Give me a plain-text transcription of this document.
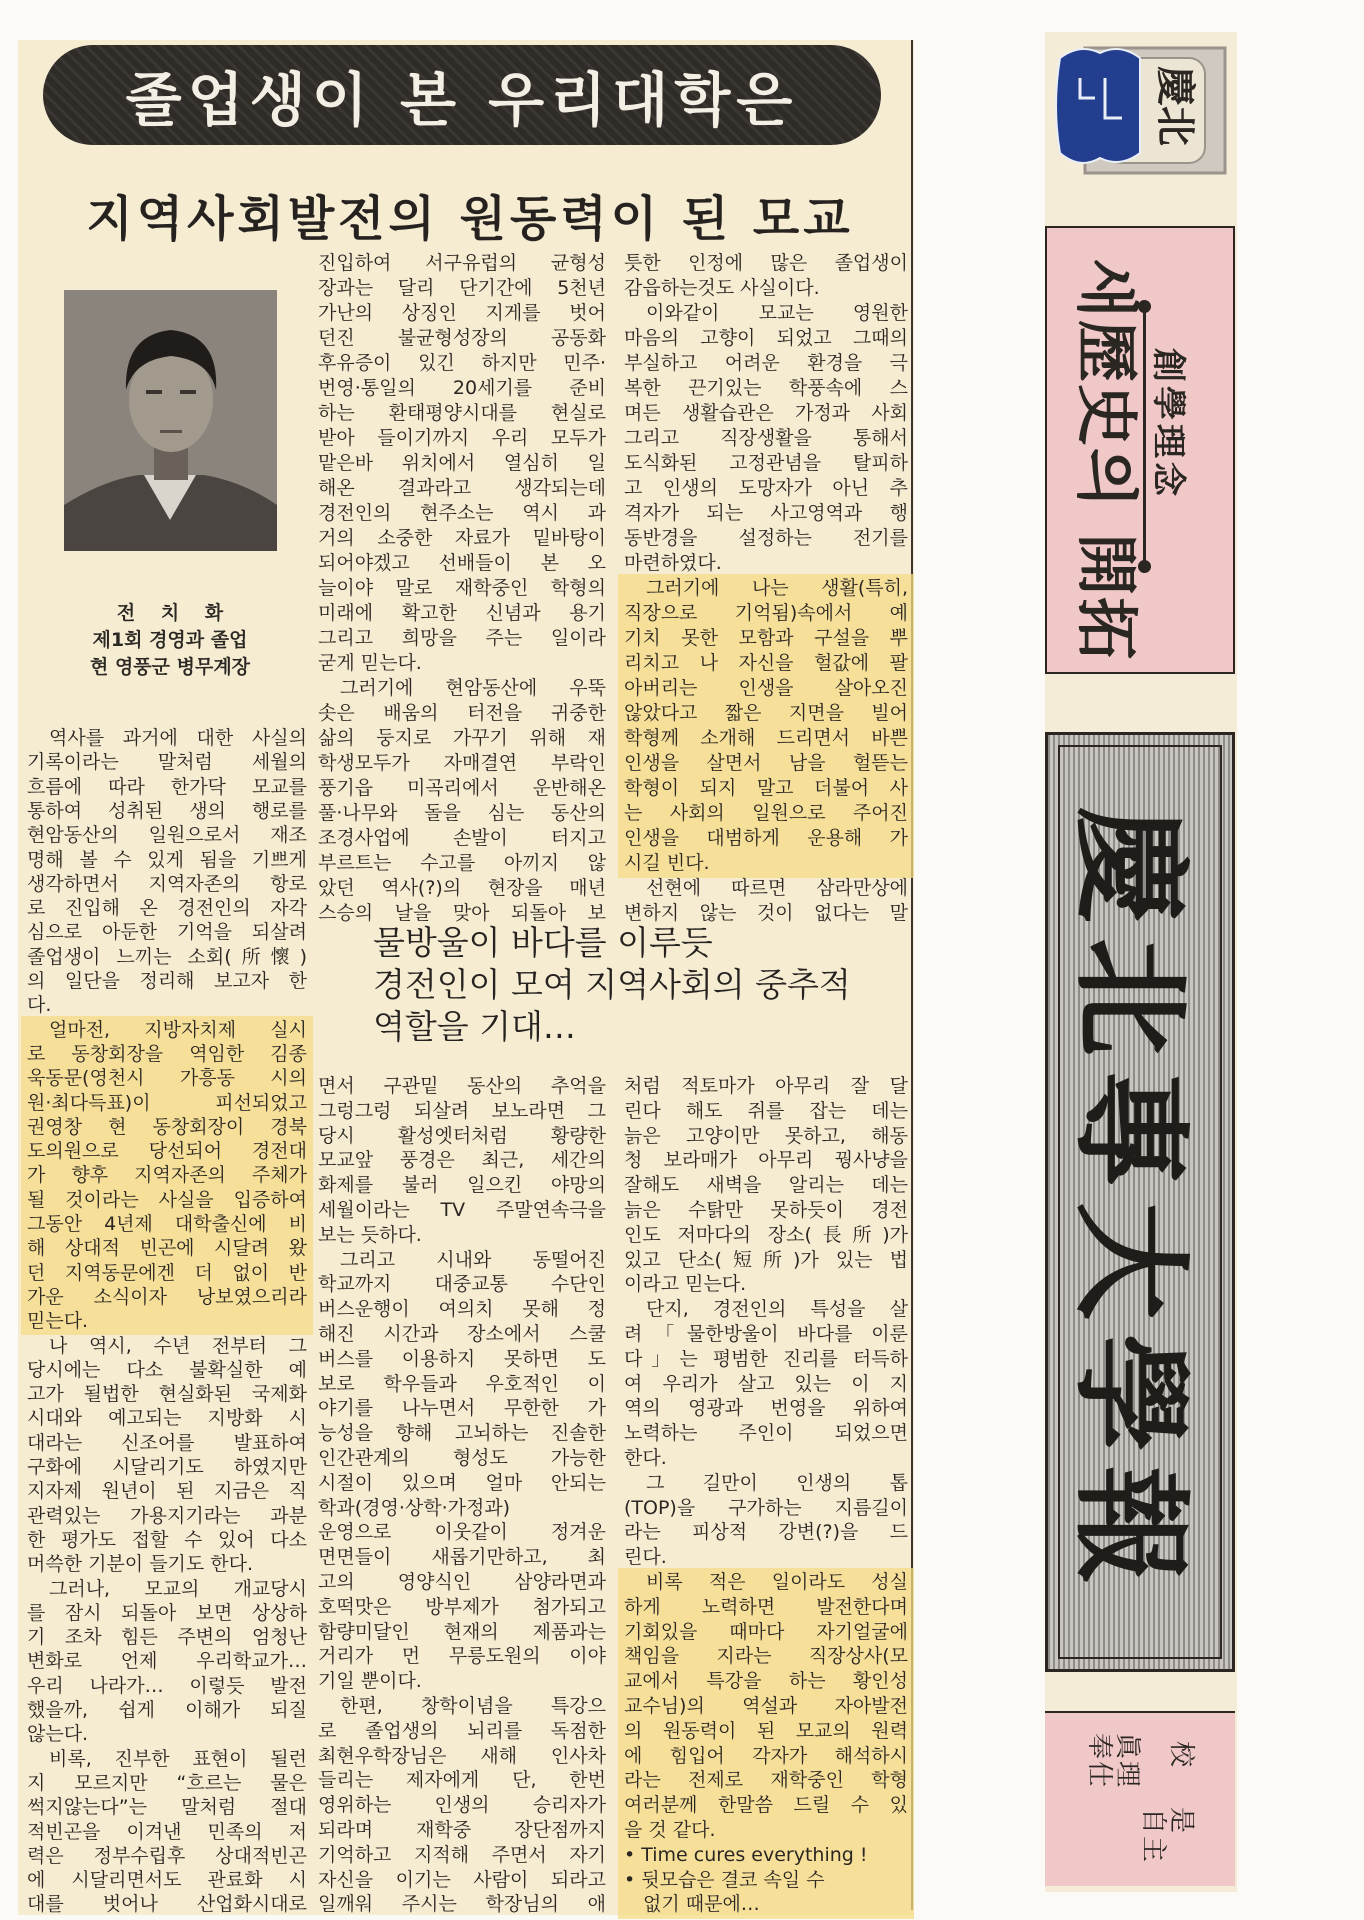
졸업생이 본 우리대학은
지역사회발전의 원동력이 된 모교
전　 치　 화
제1회 경영과 졸업
현 영풍군 병무계장
물방울이 바다를 이루듯
경전인이 모여 지역사회의 중추적
역할을 기대…
역사를 과거에 대한 사실의
기록이라는 말처럼 세월의
흐름에 따라 한가닥 모교를
통하여 성취된 생의 행로를
현암동산의 일원으로서 재조
명해 볼 수 있게 됨을 기쁘게
생각하면서 지역자존의 항로
로 진입해 온 경전인의 자각
심으로 아둔한 기억을 되살려
졸업생이 느끼는 소회(所懷)
의 일단을 정리해 보고자 한
다.
얼마전, 지방자치제 실시
로 동창회장을 역임한 김종
욱동문(영천시 가흥동 시의
원·최다득표)이 피선되었고
권영창 현 동창회장이 경북
도의원으로 당선되어 경전대
가 향후 지역자존의 주체가
될 것이라는 사실을 입증하여
그동안 4년제 대학출신에 비
해 상대적 빈곤에 시달려 왔
던 지역동문에겐 더 없이 반
가운 소식이자 낭보였으리라
믿는다.
나 역시, 수년 전부터 그
당시에는 다소 불확실한 예
고가 될법한 현실화된 국제화
시대와 예고되는 지방화 시
대라는 신조어를 발표하여
구화에 시달리기도 하였지만
지자제 원년이 된 지금은 직
관력있는 가용지기라는 과분
한 평가도 접할 수 있어 다소
머쓱한 기분이 들기도 한다.
그러나, 모교의 개교당시
를 잠시 되돌아 보면 상상하
기 조차 힘든 주변의 엄청난
변화로 언제 우리학교가…
우리 나라가… 이렇듯 발전
했을까, 쉽게 이해가 되질
않는다.
비록, 진부한 표현이 될런
지 모르지만 “흐르는 물은
썩지않는다”는 말처럼 절대
적빈곤을 이겨낸 민족의 저
력은 정부수립후 상대적빈곤
에 시달리면서도 관료화 시
대를 벗어나 산업화시대로
진입하여 서구유럽의 균형성
장과는 달리 단기간에 5천년
가난의 상징인 지게를 벗어
던진 불균형성장의 공동화
후유증이 있긴 하지만 민주·
번영·통일의 20세기를 준비
하는 환태평양시대를 현실로
받아 들이기까지 우리 모두가
맡은바 위치에서 열심히 일
해온 결과라고 생각되는데
경전인의 현주소는 역시 과
거의 소중한 자료가 밑바탕이
되어야겠고 선배들이 본 오
늘이야 말로 재학중인 학형의
미래에 확고한 신념과 용기
그리고 희망을 주는 일이라
굳게 믿는다.
그러기에 현암동산에 우뚝
솟은 배움의 터전을 귀중한
삶의 둥지로 가꾸기 위해 재
학생모두가 자매결연 부락인
풍기읍 미곡리에서 운반해온
풀·나무와 돌을 심는 동산의
조경사업에 손발이 터지고
부르트는 수고를 아끼지 않
았던 역사(?)의 현장을 매년
스승의 날을 맞아 되돌아 보
틋한 인정에 많은 졸업생이
감읍하는것도 사실이다.
이와같이 모교는 영원한
마음의 고향이 되었고 그때의
부실하고 어려운 환경을 극
복한 끈기있는 학풍속에 스
며든 생활습관은 가정과 사회
그리고 직장생활을 통해서
도식화된 고정관념을 탈피하
고 인생의 도망자가 아닌 추
격자가 되는 사고영역과 행
동반경을 설정하는 전기를
마련하였다.
그러기에 나는 생활(특히,
직장으로 기억됨)속에서 예
기치 못한 모함과 구설을 뿌
리치고 나 자신을 헐값에 팔
아버리는 인생을 살아오진
않았다고 짧은 지면을 빌어
학형께 소개해 드리면서 바쁜
인생을 살면서 남을 헐뜯는
학형이 되지 말고 더불어 사
는 사회의 일원으로 주어진
인생을 대범하게 운용해 가
시길 빈다.
선현에 따르면 삼라만상에
변하지 않는 것이 없다는 말
면서 구관밑 동산의 추억을
그렁그렁 되살려 보노라면 그
당시 활성엣터처럼 황량한
모교앞 풍경은 최근, 세간의
화제를 불러 일으킨 야망의
세월이라는 TV 주말연속극을
보는 듯하다.
그리고 시내와 동떨어진
학교까지 대중교통 수단인
버스운행이 여의치 못해 정
해진 시간과 장소에서 스쿨
버스를 이용하지 못하면 도
보로 학우들과 우호적인 이
야기를 나누면서 무한한 가
능성을 향해 고뇌하는 진솔한
인간관계의 형성도 가능한
시절이 있으며 얼마 안되는
학과(경영·상학·가정과)
운영으로 이웃같이 정겨운
면면들이 새롭기만하고, 최
고의 영양식인 삼양라면과
호떡맛은 방부제가 첨가되고
함량미달인 현재의 제품과는
거리가 먼 무릉도원의 이야
기일 뿐이다.
한편, 창학이념을 특강으
로 졸업생의 뇌리를 독점한
최현우학장님은 새해 인사차
들리는 제자에게 단, 한번
영위하는 인생의 승리자가
되라며 재학중 장단점까지
기억하고 지적해 주면서 자기
자신을 이기는 사람이 되라고
일깨워 주시는 학장님의 애
처럼 적토마가 아무리 잘 달
린다 해도 쥐를 잡는 데는
늙은 고양이만 못하고, 해동
청 보라매가 아무리 꿩사냥을
잘해도 새벽을 알리는 데는
늙은 수탉만 못하듯이 경전
인도 저마다의 장소(長所)가
있고 단소(短所)가 있는 법
이라고 믿는다.
단지, 경전인의 특성을 살
려「물한방울이 바다를 이룬
다」는 평범한 진리를 터득하
여 우리가 살고 있는 이 지
역의 영광과 번영을 위하여
노력하는 주인이 되었으면
한다.
그 길만이 인생의 톱
(TOP)을 구가하는 지름길이
라는 피상적 강변(?)을 드
린다.
비록 적은 일이라도 성실
하게 노력하면 발전한다며
기회있을 때마다 자기얼굴에
책임을 지라는 직장상사(모
교에서 특강을 하는 황인성
교수님)의 역설과 자아발전
의 원동력이 된 모교의 원력
에 힘입어 각자가 해석하시
라는 전제로 재학중인 학형
여러분께 한말씀 드릴 수 있
을 것 같다.
• Time cures everything !
• 뒷모습은 결코 속일 수
　없기 때문에…
慶北
創學理念
새歷史의 開拓
慶北專大學報
校是
自主
眞理
奉仕
